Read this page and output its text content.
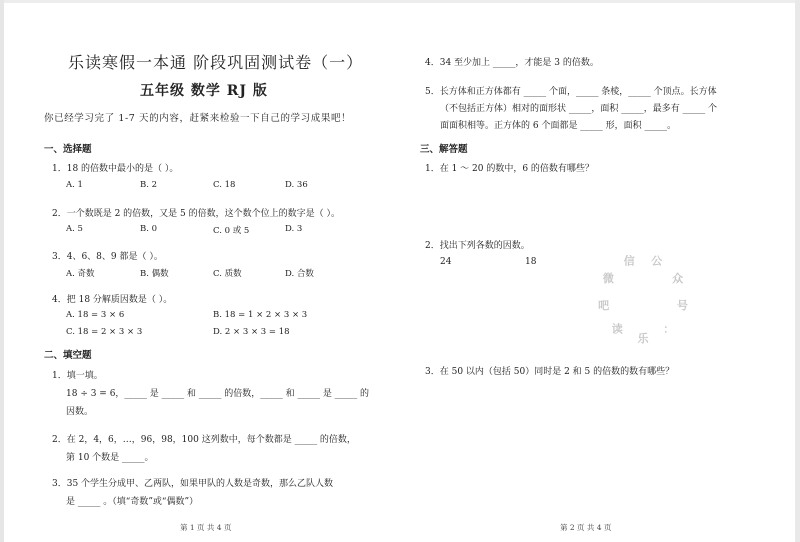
乐读寒假一本通 阶段巩固测试卷（一）
五年级 数学 RJ 版
你已经学习完了 1-7 天的内容，赶紧来检验一下自己的学习成果吧！
一、选择题
1．18 的倍数中最小的是（ ）。
A. 1	B. 2	C. 18	D. 36
2．一个数既是 2 的倍数，又是 5 的倍数，这个数个位上的数字是（ ）。
A. 5	B. 0	C. 0 或 5	D. 3
3．4、6、8、9 都是（ ）。
A. 奇数	B. 偶数	C. 质数	D. 合数
4．把 18 分解质因数是（ ）。
A. 18 = 3 × 6	B. 18 = 1 × 2 × 3 × 3
C. 18 = 2 × 3 × 3	D. 2 × 3 × 3 = 18
二、填空题
1．填一填。
18 ÷ 3 = 6，_____ 是 _____ 和 _____ 的倍数，_____ 和 _____ 是 _____ 的
因数。
2．在 2，4，6，…，96，98，100 这列数中，每个数都是 _____ 的倍数，
第 10 个数是 _____。
3．35 个学生分成甲、乙两队，如果甲队的人数是奇数，那么乙队人数
是 _____ 。（填“奇数”或“偶数”）
第 1 页 共 4 页
4．34 至少加上 _____，才能是 3 的倍数。
5．长方体和正方体都有 _____ 个面，_____ 条棱，_____ 个顶点。长方体
（不包括正方体）相对的面形状 _____，面积 _____，最多有 _____ 个
面面积相等。正方体的 6 个面都是 _____ 形，面积 _____。
三、解答题
1．在 1 ～ 20 的数中，6 的倍数有哪些？
2．找出下列各数的因数。
24	18
3．在 50 以内（包括 50）同时是 2 和 5 的倍数的数有哪些？
第 2 页 共 4 页
微
信 公
众
号
：
乐
读
吧
